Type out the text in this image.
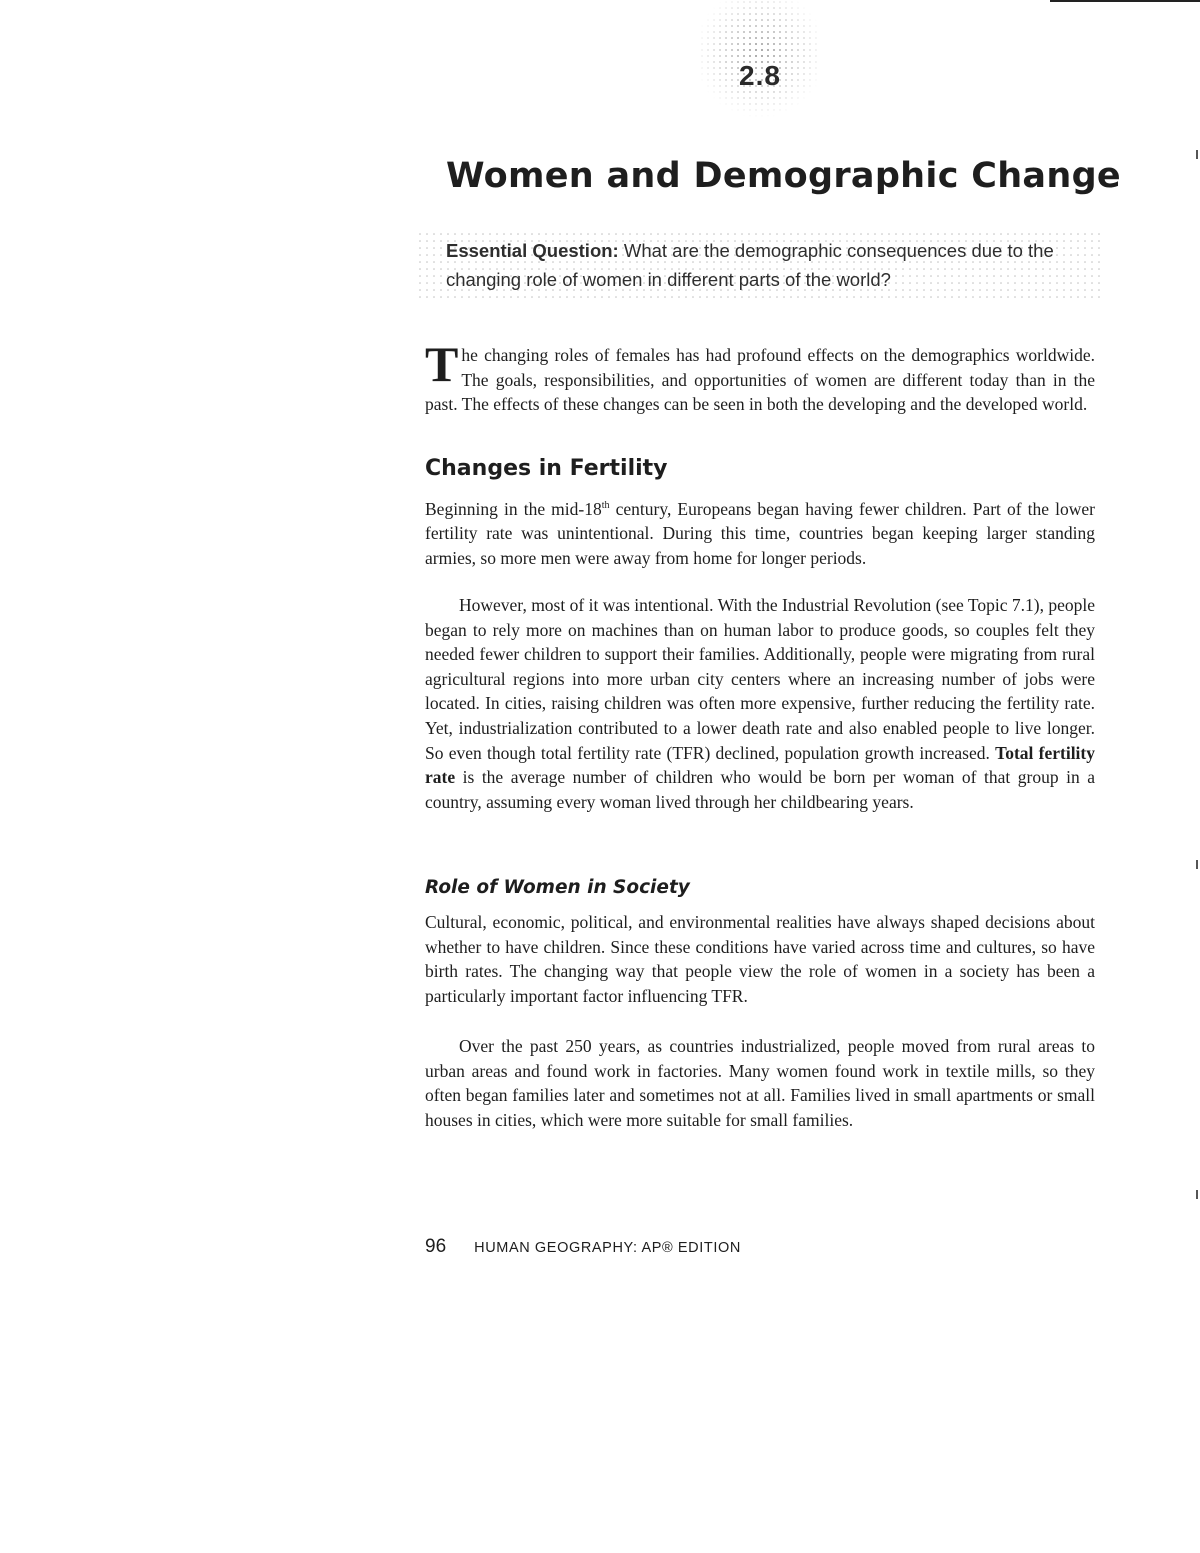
2.8
Women and Demographic Change

Essential Question: What are the demographic consequences due to the changing role of women in different parts of the world?

The changing roles of females has had profound effects on the demographics worldwide. The goals, responsibilities, and opportunities of women are different today than in the past. The effects of these changes can be seen in both the developing and the developed world.

Changes in Fertility

Beginning in the mid-18th century, Europeans began having fewer children. Part of the lower fertility rate was unintentional. During this time, countries began keeping larger standing armies, so more men were away from home for longer periods.

However, most of it was intentional. With the Industrial Revolution (see Topic 7.1), people began to rely more on machines than on human labor to produce goods, so couples felt they needed fewer children to support their families. Additionally, people were migrating from rural agricultural regions into more urban city centers where an increasing number of jobs were located. In cities, raising children was often more expensive, further reducing the fertility rate. Yet, industrialization contributed to a lower death rate and also enabled people to live longer. So even though total fertility rate (TFR) declined, population growth increased. Total fertility rate is the average number of children who would be born per woman of that group in a country, assuming every woman lived through her childbearing years.

Role of Women in Society

Cultural, economic, political, and environmental realities have always shaped decisions about whether to have children. Since these conditions have varied across time and cultures, so have birth rates. The changing way that people view the role of women in a society has been a particularly important factor influencing TFR.

Over the past 250 years, as countries industrialized, people moved from rural areas to urban areas and found work in factories. Many women found work in textile mills, so they often began families later and sometimes not at all. Families lived in small apartments or small houses in cities, which were more suitable for small families.

96 HUMAN GEOGRAPHY: AP® EDITION
